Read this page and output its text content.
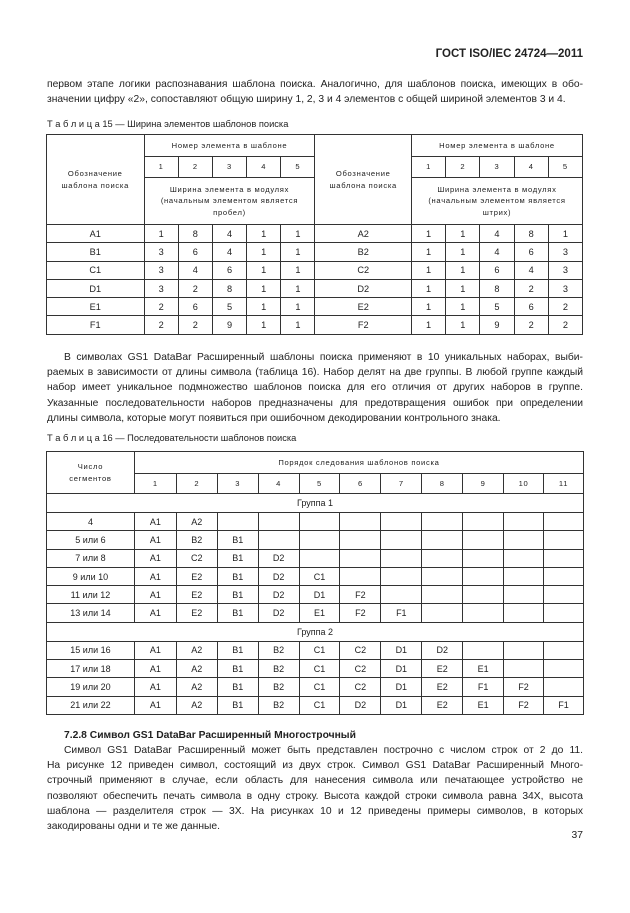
ГОСТ ISO/IEC 24724—2011

первом этапе логики распознавания шаблона поиска. Аналогично, для шаблонов поиска, имеющих в обо-
значении цифру «2», сопоставляют общую ширину 1, 2, 3 и 4 элементов с общей шириной элементов 3 и 4.

Т а б л и ц а 15 — Ширина элементов шаблонов поиска

Обозначение шаблона поиска	Номер элемента в шаблоне					Обозначение шаблона поиска	Номер элемента в шаблоне				
	1	2	3	4	5		1	2	3	4	5
	Ширина элемента в модулях (начальным элементом является пробел)						Ширина элемента в модулях (начальным элементом является штрих)				
A1	1	8	4	1	1	A2	1	1	4	8	1
B1	3	6	4	1	1	B2	1	1	4	6	3
C1	3	4	6	1	1	C2	1	1	6	4	3
D1	3	2	8	1	1	D2	1	1	8	2	3
E1	2	6	5	1	1	E2	1	1	5	6	2
F1	2	2	9	1	1	F2	1	1	9	2	2

В символах GS1 DataBar Расширенный шаблоны поиска применяют в 10 уникальных наборах, выби-
раемых в зависимости от длины символа (таблица 16). Набор делят на две группы. В любой группе каждый
набор имеет уникальное подмножество шаблонов поиска для его отличия от других наборов в группе.
Указанные последовательности наборов предназначены для предотвращения ошибок при определении
длины символа, которые могут появиться при ошибочном декодировании контрольного знака.

Т а б л и ц а 16 — Последовательности шаблонов поиска

Число сегментов	Порядок следования шаблонов поиска										
	1	2	3	4	5	6	7	8	9	10	11
Группа 1											
4	A1	A2									
5 или 6	A1	B2	B1								
7 или 8	A1	C2	B1	D2							
9 или 10	A1	E2	B1	D2	C1						
11 или 12	A1	E2	B1	D2	D1	F2					
13 или 14	A1	E2	B1	D2	E1	F2	F1				
Группа 2											
15 или 16	A1	A2	B1	B2	C1	C2	D1	D2			
17 или 18	A1	A2	B1	B2	C1	C2	D1	E2	E1		
19 или 20	A1	A2	B1	B2	C1	C2	D1	E2	F1	F2	
21 или 22	A1	A2	B1	B2	C1	D2	D1	E2	E1	F2	F1

7.2.8 Символ GS1 DataBar Расширенный Многострочный

Символ GS1 DataBar Расширенный может быть представлен построчно с числом строк от 2 до 11.
На рисунке 12 приведен символ, состоящий из двух строк. Символ GS1 DataBar Расширенный Много-
строчный применяют в случае, если область для нанесения символа или печатающее устройство не
позволяют обеспечить печать символа в одну строку. Высота каждой строки символа равна 34X, высота
шаблона — разделителя строк — 3X. На рисунках 10 и 12 приведены примеры символов, в которых
закодированы одни и те же данные.

37
